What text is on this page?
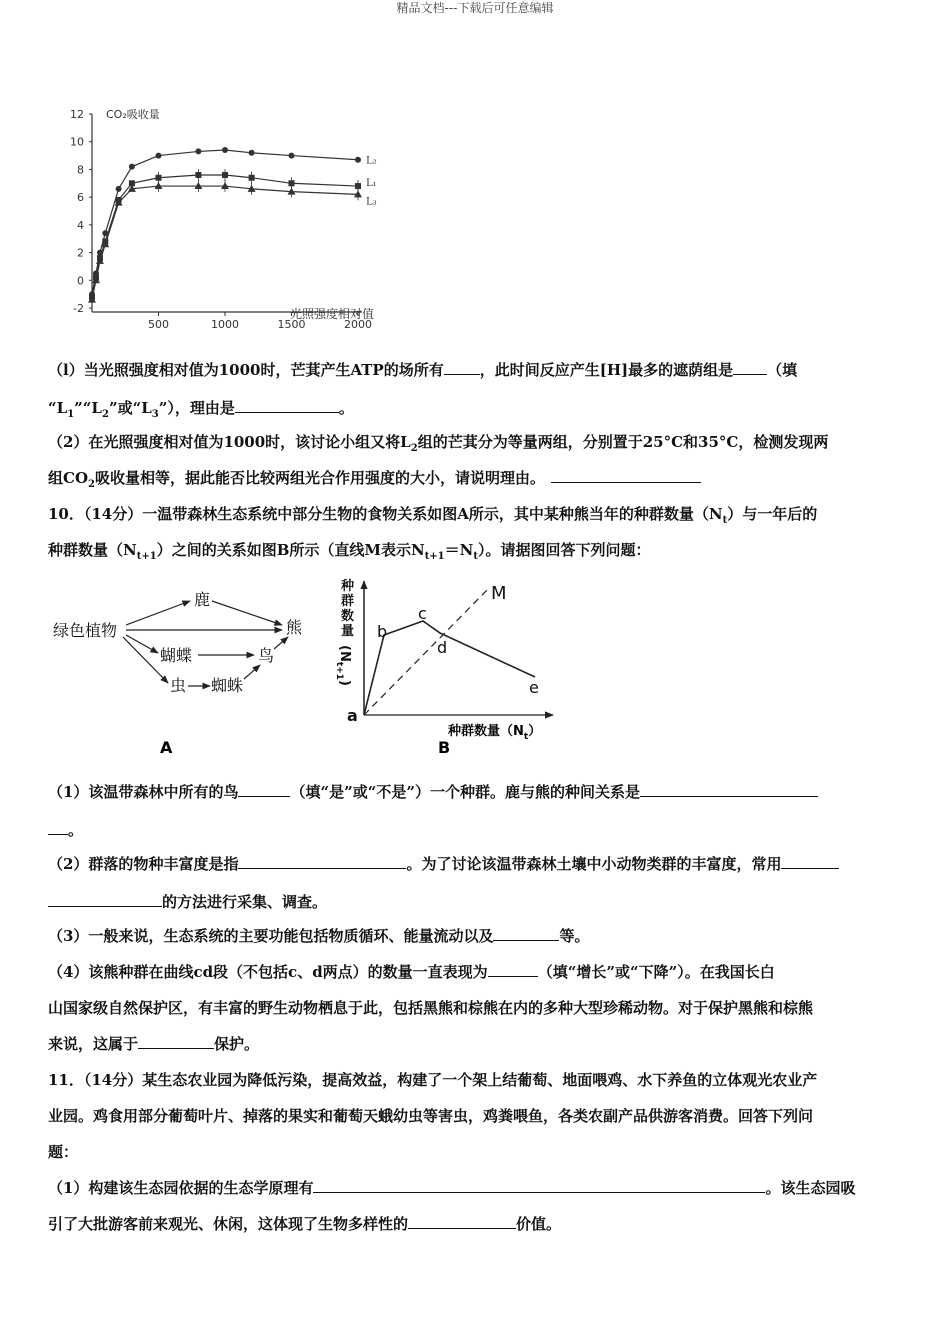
精品文档---下载后可任意编辑
-2
0
2
4
6
8
10
12
500	1000	1500	2000
L₂
L₁
L₃
CO₂吸收量
光照强度相对值
绿色植物
鹿
熊
蝴蝶	鸟
虫 蜘蛛
A
种
群
数
量
$(N_{t+1})$
M
a
b
c
d
e
种群数量$(N_t)$
B
（l）当光照强度相对值为1000时，芒萁产生ATP的场所有 ，此时间反应产生[H]最多的遮荫组是 （填
“$L_1”“L_2$”或“$L_3$”），理由是	。
（2）在光照强度相对值为1000时，该讨论小组又将$L_2$组的芒萁分为等量两组，分别置于25°C和35°C，检测发现两
组$CO_2$吸收量相等，据此能否比较两组光合作用强度的大小，请说明理由。
10．（14分）一温带森林生态系统中部分生物的食物关系如图A所示，其中某种熊当年的种群数量$(N_t)$与一年后的
种群数量$(N_{t+1})$之间的关系如图B所示（直线M表示$N_{t+1}=N_t$）。请据图回答下列问题：
（1）该温带森林中所有的鸟	（填“是”或“不是”）一个种群。鹿与熊的种间关系是
。
（2）群落的物种丰富度是指	。为了讨论该温带森林土壤中小动物类群的丰富度，常用
的方法进行采集、调查。
（3）一般来说，生态系统的主要功能包括物质循环、能量流动以及	等。
（4）该熊种群在曲线cd段（不包括c、d两点）的数量一直表现为	（填“增长”或“下降”）。在我国长白
山国家级自然保护区，有丰富的野生动物栖息于此，包括黑熊和棕熊在内的多种大型珍稀动物。对于保护黑熊和棕熊
来说，这属于	保护。
11．（14分）某生态农业园为降低污染，提高效益，构建了一个架上结葡萄、地面喂鸡、水下养鱼的立体观光农业产
业园。鸡食用部分葡萄叶片、掉落的果实和葡萄天蛾幼虫等害虫，鸡粪喂鱼，各类农副产品供游客消费。回答下列问
题：
（1）构建该生态园依据的生态学原理有	。该生态园吸
引了大批游客前来观光、休闲，这体现了生物多样性的	价值。
